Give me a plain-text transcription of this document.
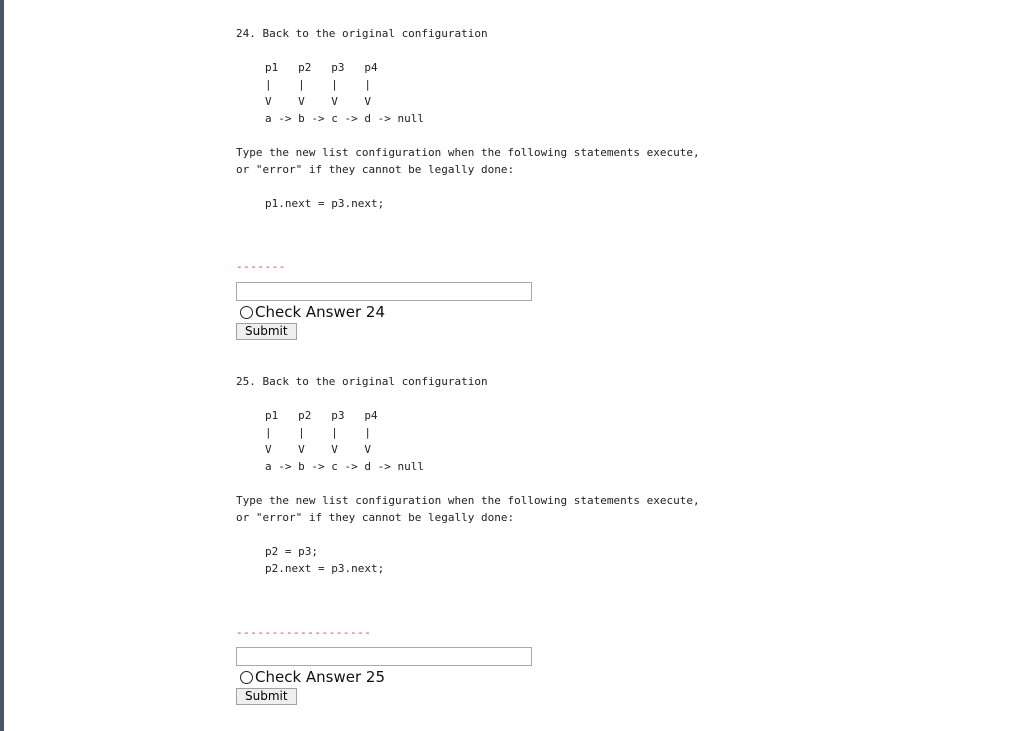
24. Back to the original configuration
p1   p2   p3   p4
|    |    |    |
V    V    V    V
a -> b -> c -> d -> null
Type the new list configuration when the following statements execute,
or "error" if they cannot be legally done:
p1.next = p3.next;
-------
Check Answer 24
Submit
25. Back to the original configuration
p1   p2   p3   p4
|    |    |    |
V    V    V    V
a -> b -> c -> d -> null
Type the new list configuration when the following statements execute,
or "error" if they cannot be legally done:
p2 = p3;
p2.next = p3.next;
-------------------
Check Answer 25
Submit
